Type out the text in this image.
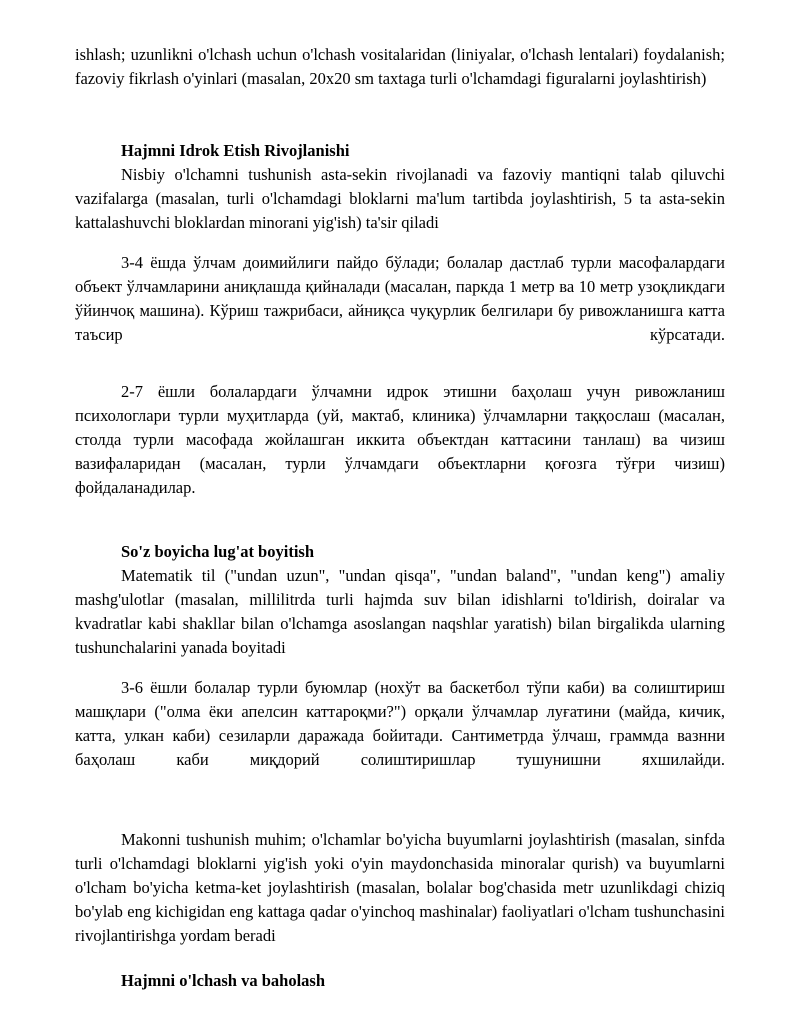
ishlash; uzunlikni o'lchash uchun o'lchash vositalaridan (liniyalar, o'lchash lentalari) foydalanish; fazoviy fikrlash o'yinlari (masalan, 20x20 sm taxtaga turli o'lchamdagi figuralarni joylashtirish)

Hajmni Idrok Etish Rivojlanishi

Nisbiy o'lchamni tushunish asta-sekin rivojlanadi va fazoviy mantiqni talab qiluvchi vazifalarga (masalan, turli o'lchamdagi bloklarni ma'lum tartibda joylashtirish, 5 ta asta-sekin kattalashuvchi bloklardan minorani yig'ish) ta'sir qiladi

3-4 ёшда ўлчам доимийлиги пайдо бўлади; болалар дастлаб турли масофалардаги объект ўлчамларини аниқлашда қийналади (масалан, паркда 1 метр ва 10 метр узоқликдаги ўйинчоқ машина). Кўриш тажрибаси, айниқса чуқурлик белгилари бу ривожланишга катта таъсир кўрсатади.

2-7 ёшли болалардаги ўлчамни идрок этишни баҳолаш учун ривожланиш психологлари турли муҳитларда (уй, мактаб, клиника) ўлчамларни таққослаш (масалан, столда турли масофада жойлашган иккита объектдан каттасини танлаш) ва чизиш вазифаларидан (масалан, турли ўлчамдаги объектларни қоғозга тўғри чизиш) фойдаланадилар.

So'z boyicha lug'at boyitish

Matematik til ("undan uzun", "undan qisqa", "undan baland", "undan keng") amaliy mashg'ulotlar (masalan, millilitrda turli hajmda suv bilan idishlarni to'ldirish, doiralar va kvadratlar kabi shakllar bilan o'lchamga asoslangan naqshlar yaratish) bilan birgalikda ularning tushunchalarini yanada boyitadi

3-6 ёшли болалар турли буюмлар (нохўт ва баскетбол тўпи каби) ва солиштириш машқлари ("олма ёки апелсин каттароқми?") орқали ўлчамлар луғатини (майда, кичик, катта, улкан каби) сезиларли даражада бойитади. Сантиметрда ўлчаш, граммда вазнни баҳолаш каби миқдорий солиштиришлар тушунишни яхшилайди.

Makonni tushunish muhim; o'lchamlar bo'yicha buyumlarni joylashtirish (masalan, sinfda turli o'lchamdagi bloklarni yig'ish yoki o'yin maydonchasida minoralar qurish) va buyumlarni o'lcham bo'yicha ketma-ket joylashtirish (masalan, bolalar bog'chasida metr uzunlikdagi chiziq bo'ylab eng kichigidan eng kattaga qadar o'yinchoq mashinalar) faoliyatlari o'lcham tushunchasini rivojlantirishga yordam beradi

Hajmni o'lchash va baholash
